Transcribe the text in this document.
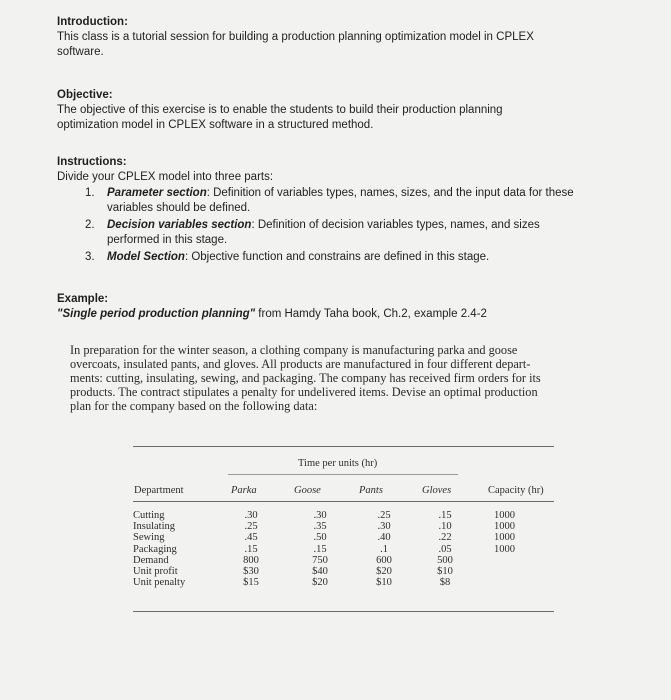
Introduction:
This class is a tutorial session for building a production planning optimization model in CPLEX
software.
Objective:
The objective of this exercise is to enable the students to build their production planning
optimization model in CPLEX software in a structured method.
Instructions:
Divide your CPLEX model into three parts:
1. Parameter section: Definition of variables types, names, sizes, and the input data for these
variables should be defined.
2. Decision variables section: Definition of decision variables types, names, and sizes
performed in this stage.
3. Model Section: Objective function and constrains are defined in this stage.
Example:
"Single period production planning" from Hamdy Taha book, Ch.2, example 2.4-2
In preparation for the winter season, a clothing company is manufacturing parka and goose
overcoats, insulated pants, and gloves. All products are manufactured in four different depart-
ments: cutting, insulating, sewing, and packaging. The company has received firm orders for its
products. The contract stipulates a penalty for undelivered items. Devise an optimal production
plan for the company based on the following data:
Time per units (hr)
Department	Parka	Goose	Pants	Gloves	Capacity (hr)
Cutting	.30	.30	.25	.15	1000
Insulating	.25	.35	.30	.10	1000
Sewing	.45	.50	.40	.22	1000
Packaging	.15	.15	.1	.05	1000
Demand	800	750	600	500	
Unit profit	$30	$40	$20	$10	
Unit penalty	$15	$20	$10	$8	
